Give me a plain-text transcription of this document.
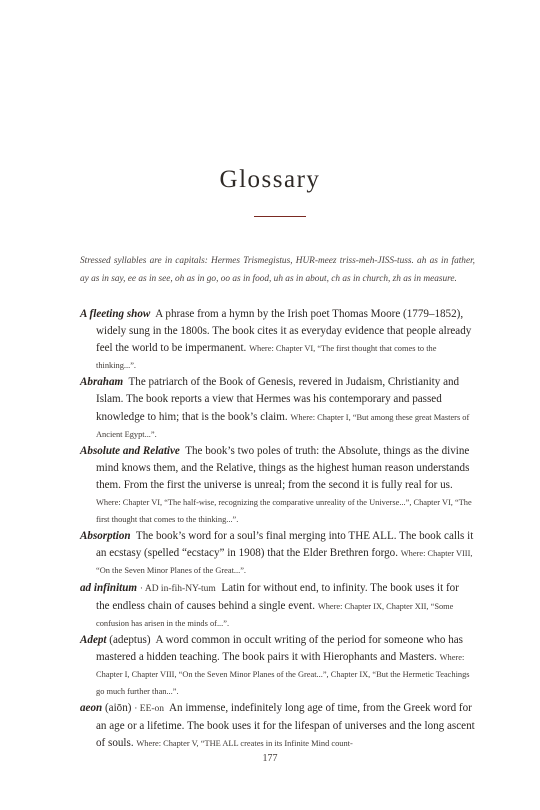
Glossary
Stressed syllables are in capitals: Hermes Trismegistus, HUR-meez triss-meh-JISS-tuss. ah as in father, ay as in say, ee as in see, oh as in go, oo as in food, uh as in about, ch as in church, zh as in measure.

A fleeting show A phrase from a hymn by the Irish poet Thomas Moore (1779–1852), widely sung in the 1800s. The book cites it as everyday evidence that people already feel the world to be impermanent. Where: Chapter VI, “The first thought that comes to the thinking...”.

Abraham The patriarch of the Book of Genesis, revered in Judaism, Christianity and Islam. The book reports a view that Hermes was his contemporary and passed knowledge to him; that is the book’s claim. Where: Chapter I, “But among these great Masters of Ancient Egypt...”.

Absolute and Relative The book’s two poles of truth: the Absolute, things as the divine mind knows them, and the Relative, things as the highest human reason understands them. From the first the universe is unreal; from the second it is fully real for us. Where: Chapter VI, “The half-wise, recognizing the comparative unreality of the Universe...”, Chapter VI, “The first thought that comes to the thinking...”.

Absorption The book’s word for a soul’s final merging into THE ALL. The book calls it an ecstasy (spelled “ecstacy” in 1908) that the Elder Brethren forgo. Where: Chapter VIII, “On the Seven Minor Planes of the Great...”.

ad infinitum · AD in-fih-NY-tum Latin for without end, to infinity. The book uses it for the endless chain of causes behind a single event. Where: Chapter IX, Chapter XII, “Some confusion has arisen in the minds of...”.

Adept (adeptus) A word common in occult writing of the period for someone who has mastered a hidden teaching. The book pairs it with Hierophants and Masters. Where: Chapter I, Chapter VIII, “On the Seven Minor Planes of the Great...”, Chapter IX, “But the Hermetic Teachings go much further than...”.

aeon (aiōn) · EE-on An immense, indefinitely long age of time, from the Greek word for an age or a lifetime. The book uses it for the lifespan of universes and the long ascent of souls. Where: Chapter V, “THE ALL creates in its Infinite Mind count-

177
